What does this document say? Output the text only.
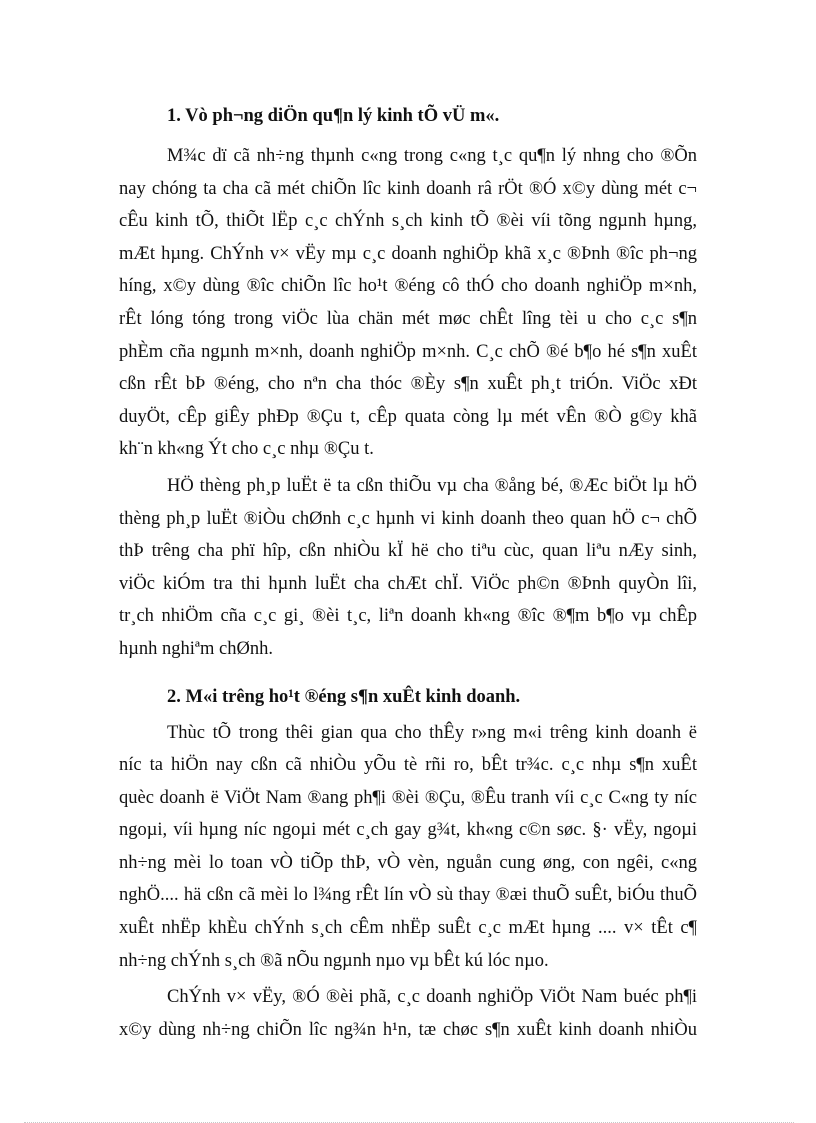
1. Vò ph¬ng diÖn qu¶n lý kinh tÕ vÜ m«.
M¾c dï cã nh÷ng thµnh c«ng trong c«ng t¸c qu¶n lý nhng cho ®Õn
nay chóng ta cha cã mét chiÕn lîc kinh doanh râ rÖt ®Ó x©y dùng mét c¬
cÊu kinh tÕ, thiÕt lËp c¸c chÝnh s¸ch kinh tÕ ®èi víi tõng ngµnh hµng,
mÆt hµng. ChÝnh v× vËy mµ c¸c doanh nghiÖp khã x¸c ®Þnh ®îc ph¬ng
híng, x©y dùng ®îc chiÕn lîc ho¹t ®éng cô thÓ cho doanh nghiÖp m×nh,
rÊt lóng tóng trong viÖc lùa chän mét møc chÊt lîng tèi u cho c¸c s¶n
phÈm cña ngµnh m×nh, doanh nghiÖp m×nh. C¸c chÕ ®é b¶o hé s¶n xuÊt
cßn rÊt bÞ ®éng, cho nªn cha thóc ®Èy s¶n xuÊt ph¸t triÓn. ViÖc xÐt
duyÖt, cÊp giÊy phÐp ®Çu t, cÊp quata còng lµ mét vÊn ®Ò g©y khã
kh¨n kh«ng Ýt cho c¸c nhµ ®Çu t.
HÖ thèng ph¸p luËt ë ta cßn thiÕu vµ cha ®ång bé, ®Æc biÖt lµ hÖ
thèng ph¸p luËt ®iÒu chØnh c¸c hµnh vi kinh doanh theo quan hÖ c¬ chÕ
thÞ trêng cha phï hîp, cßn nhiÒu kÏ hë cho tiªu cùc, quan liªu nÆy sinh,
viÖc kiÓm tra thi hµnh luËt cha chÆt chÏ. ViÖc ph©n ®Þnh quyÒn lîi,
tr¸ch nhiÖm cña c¸c gi¸ ®èi t¸c, liªn doanh kh«ng ®îc ®¶m b¶o vµ chÊp
hµnh nghiªm chØnh.
2. M«i trêng ho¹t ®éng s¶n xuÊt kinh doanh.
Thùc tÕ trong thêi gian qua cho thÊy r»ng m«i trêng kinh doanh ë
níc ta hiÖn nay cßn cã nhiÒu yÕu tè rñi ro, bÊt tr¾c. c¸c nhµ s¶n xuÊt
quèc doanh ë ViÖt Nam ®ang ph¶i ®èi ®Çu, ®Êu tranh víi c¸c C«ng ty níc
ngoµi, víi hµng níc ngoµi mét c¸ch gay g¾t, kh«ng c©n søc. §· vËy, ngoµi
nh÷ng mèi lo toan vÒ tiÕp thÞ, vÒ vèn, nguån cung øng, con ngêi, c«ng
nghÖ.... hä cßn cã mèi lo l¾ng rÊt lín vÒ sù thay ®æi thuÕ suÊt, biÓu thuÕ
xuÊt nhËp khÈu chÝnh s¸ch cÊm nhËp suÊt c¸c mÆt hµng .... v× tÊt c¶
nh÷ng chÝnh s¸ch ®ã nÕu ngµnh nµo vµ bÊt kú lóc nµo.
ChÝnh v× vËy, ®Ó ®èi phã, c¸c doanh nghiÖp ViÖt Nam buéc ph¶i
x©y dùng nh÷ng chiÕn lîc ng¾n h¹n, tæ chøc s¶n xuÊt kinh doanh nhiÒu
